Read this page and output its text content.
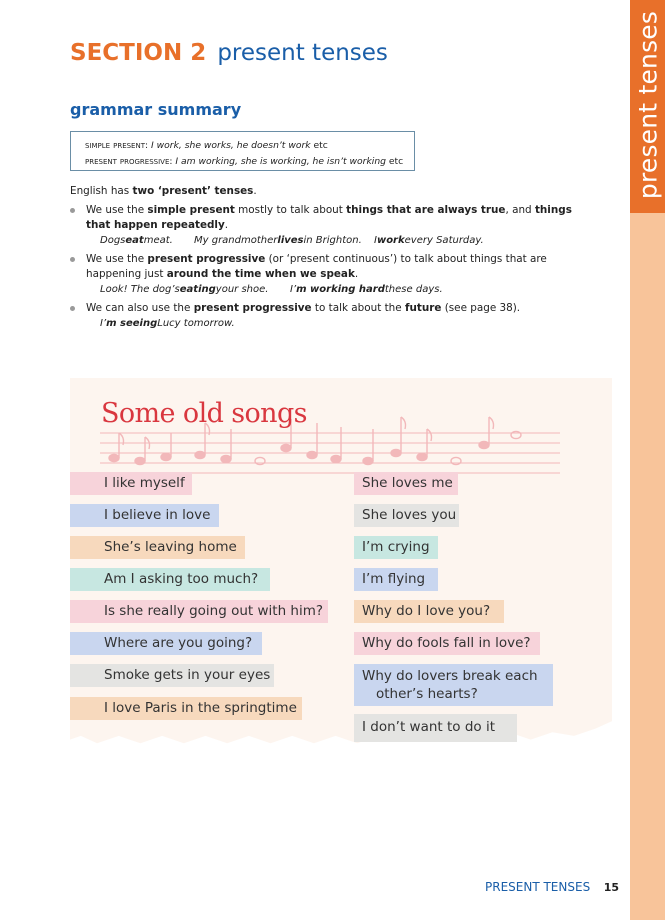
present tenses
SECTION 2 present tenses
grammar summary
simple present: I work, she works, he doesn’t work etc
present progressive: I am working, she is working, he isn’t working etc

English has two ‘present’ tenses.

We use the simple present mostly to talk about things that are always true, and things that happen repeatedly.
Dogseatmeat. My grandmotherlivesin Brighton. Iworkevery Saturday.
We use the present progressive (or ‘present continuous’) to talk about things that are happening just around the time when we speak.
Look! The dog’seatingyour shoe. I’m working hardthese days.
We can also use the present progressive to talk about the future (see page 38).
I’m seeingLucy tomorrow.
Some old songs
I like myself
I believe in love
She’s leaving home
Am I asking too much?
Is she really going out with him?
Where are you going?
Smoke gets in your eyes
I love Paris in the springtime
She loves me
She loves you
I’m crying
I’m flying
Why do I love you?
Why do fools fall in love?
Why do lovers break each
other’s hearts?
I don’t want to do it
PRESENT TENSES 15
